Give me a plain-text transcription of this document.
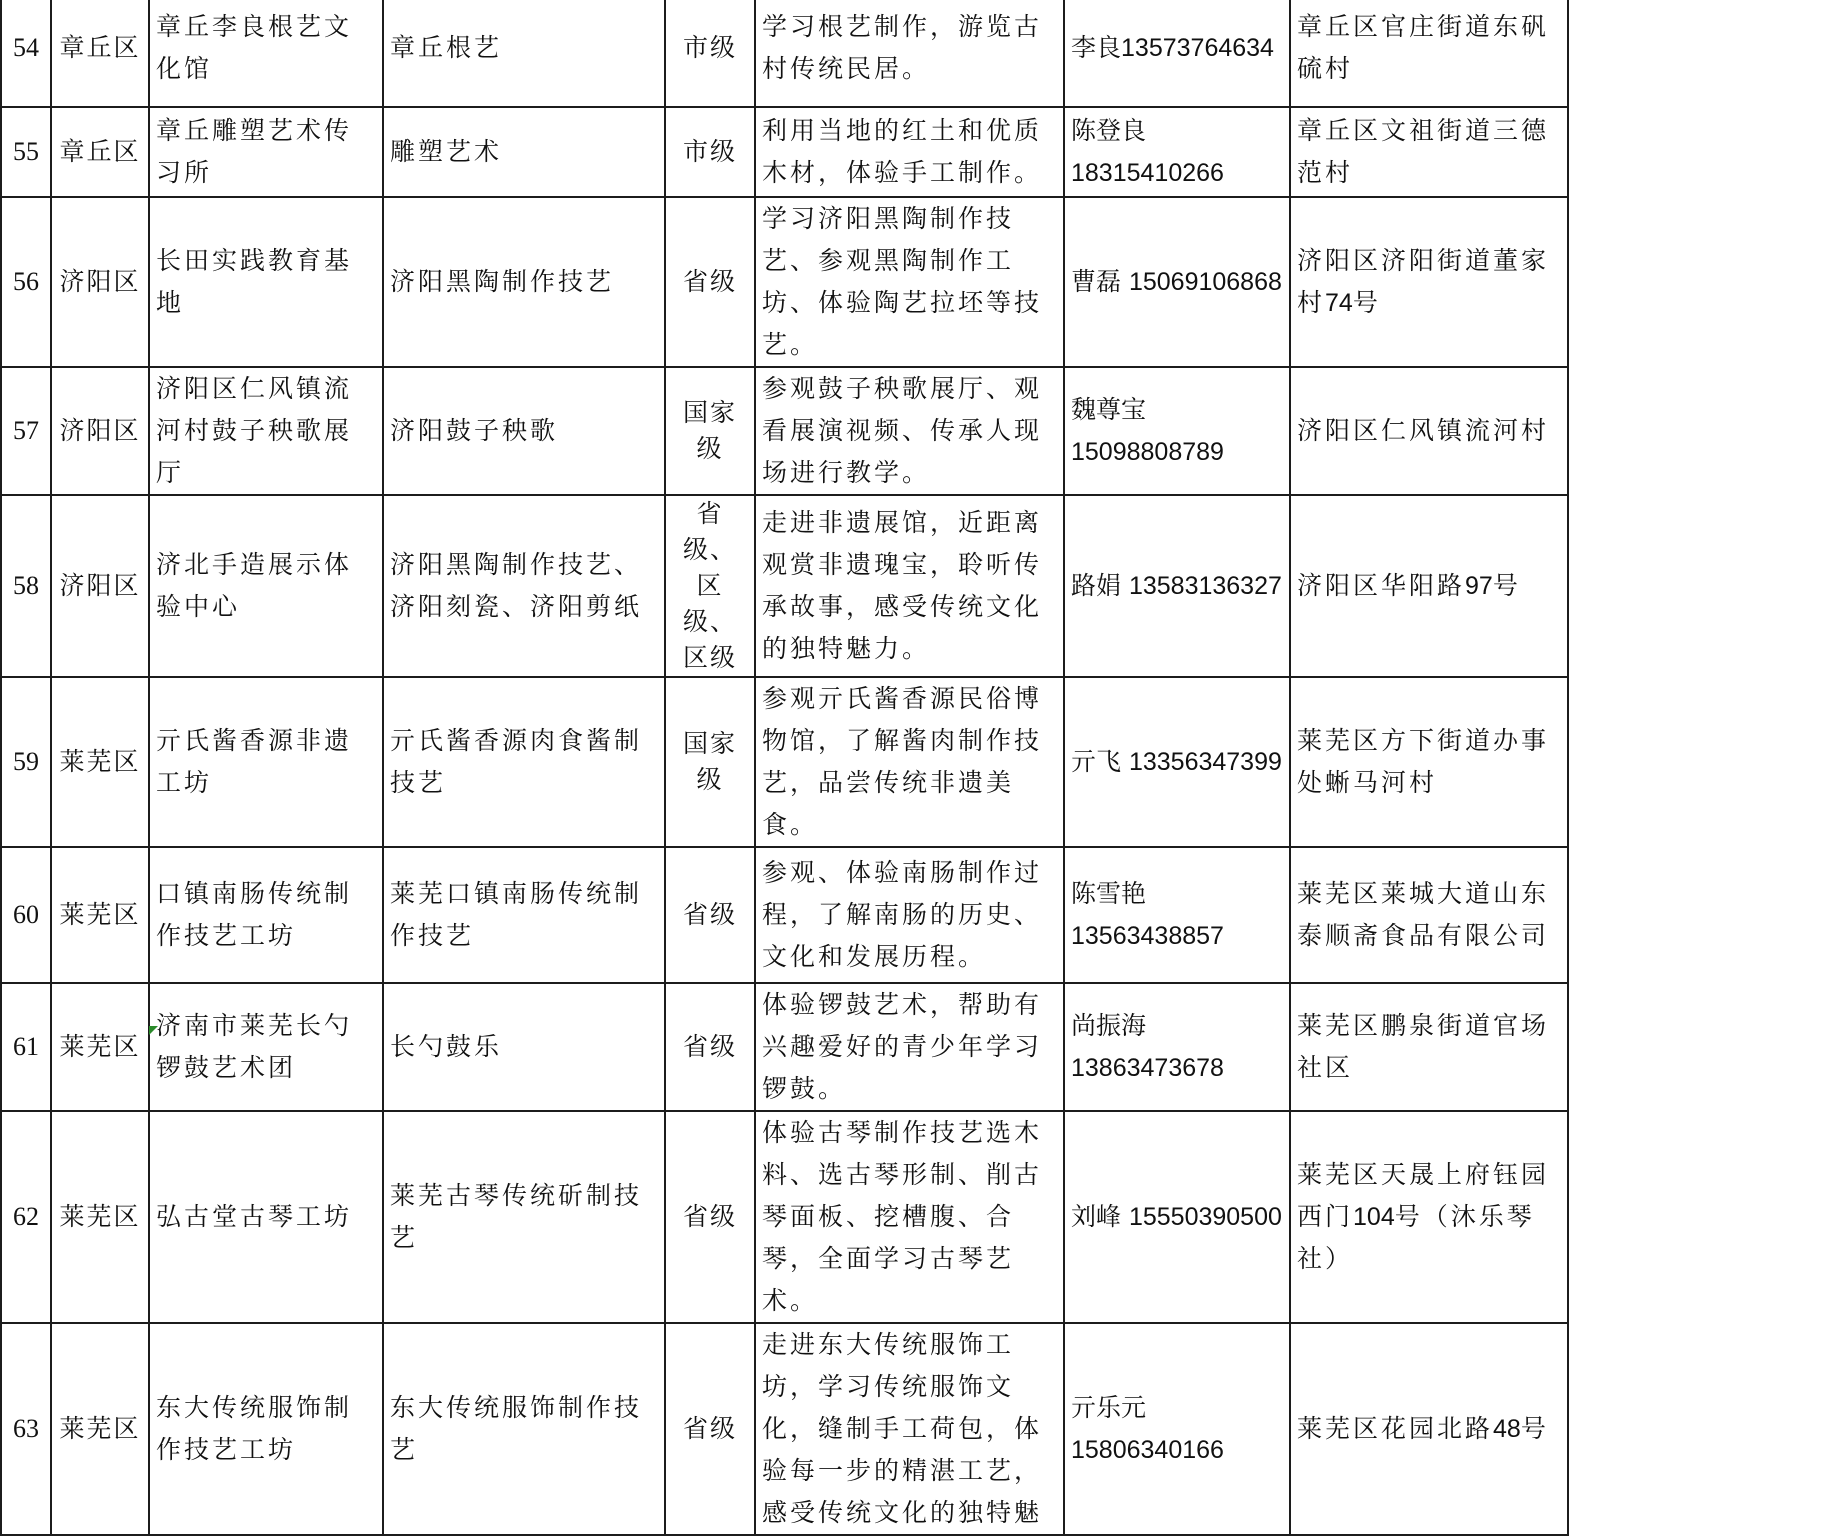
54	章丘区	章丘李良根艺文化馆	章丘根艺	市级	学习根艺制作，游览古村传统民居。	李良13573764634	章丘区官庄街道东矾硫村
55	章丘区	章丘雕塑艺术传习所	雕塑艺术	市级	利用当地的红土和优质木材，体验手工制作。	陈登良18315410266	章丘区文祖街道三德范村
56	济阳区	长田实践教育基地	济阳黑陶制作技艺	省级	学习济阳黑陶制作技艺、参观黑陶制作工坊、体验陶艺拉坯等技艺。	曹磊 15069106868	济阳区济阳街道董家村74号
57	济阳区	济阳区仁风镇流河村鼓子秧歌展厅	济阳鼓子秧歌	国家级	参观鼓子秧歌展厅、观看展演视频、传承人现场进行教学。	魏尊宝 15098808789	济阳区仁风镇流河村
58	济阳区	济北手造展示体验中心	济阳黑陶制作技艺、济阳刻瓷、济阳剪纸	省级、区级、区级	走进非遗展馆，近距离观赏非遗瑰宝，聆听传承故事，感受传统文化的独特魅力。	路娟 13583136327	济阳区华阳路97号
59	莱芜区	亓氏酱香源非遗工坊	亓氏酱香源肉食酱制技艺	国家级	参观亓氏酱香源民俗博物馆，了解酱肉制作技艺，品尝传统非遗美食。	亓飞 13356347399	莱芜区方下街道办事处蜥马河村
60	莱芜区	口镇南肠传统制作技艺工坊	莱芜口镇南肠传统制作技艺	省级	参观、体验南肠制作过程，了解南肠的历史、文化和发展历程。	陈雪艳 13563438857	莱芜区莱城大道山东泰顺斋食品有限公司
61	莱芜区	济南市莱芜长勺锣鼓艺术团	长勺鼓乐	省级	体验锣鼓艺术，帮助有兴趣爱好的青少年学习锣鼓。	尚振海 13863473678	莱芜区鹏泉街道官场社区
62	莱芜区	弘古堂古琴工坊	莱芜古琴传统斫制技艺	省级	体验古琴制作技艺选木料、选古琴形制、削古琴面板、挖槽腹、合琴，全面学习古琴艺术。	刘峰 15550390500	莱芜区天晟上府钰园西门104号（沐乐琴社）
63	莱芜区	东大传统服饰制作技艺工坊	东大传统服饰制作技艺	省级	走进东大传统服饰工坊，学习传统服饰文化，缝制手工荷包，体验每一步的精湛工艺，感受传统文化的独特魅	亓乐元 15806340166	莱芜区花园北路48号
